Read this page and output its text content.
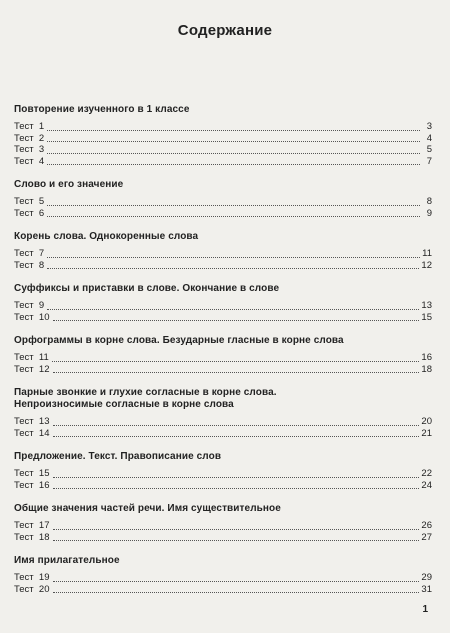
Содержание
Повторение изученного в 1 классе
Тест  1	3
Тест  2	4
Тест  3	5
Тест  4	7
Слово и его значение
Тест  5	8
Тест  6	9
Корень слова. Однокоренные слова
Тест  7	11
Тест  8	12
Суффиксы и приставки в слове. Окончание в слове
Тест  9	13
Тест  10	15
Орфограммы в корне слова. Безударные гласные в корне слова
Тест  11	16
Тест  12	18
Парные звонкие и глухие согласные в корне слова.
Непроизносимые согласные в корне слова
Тест  13	20
Тест  14	21
Предложение. Текст. Правописание слов
Тест  15	22
Тест  16	24
Общие значения частей речи. Имя существительное
Тест  17	26
Тест  18	27
Имя прилагательное
Тест  19	29
Тест  20	31
1
